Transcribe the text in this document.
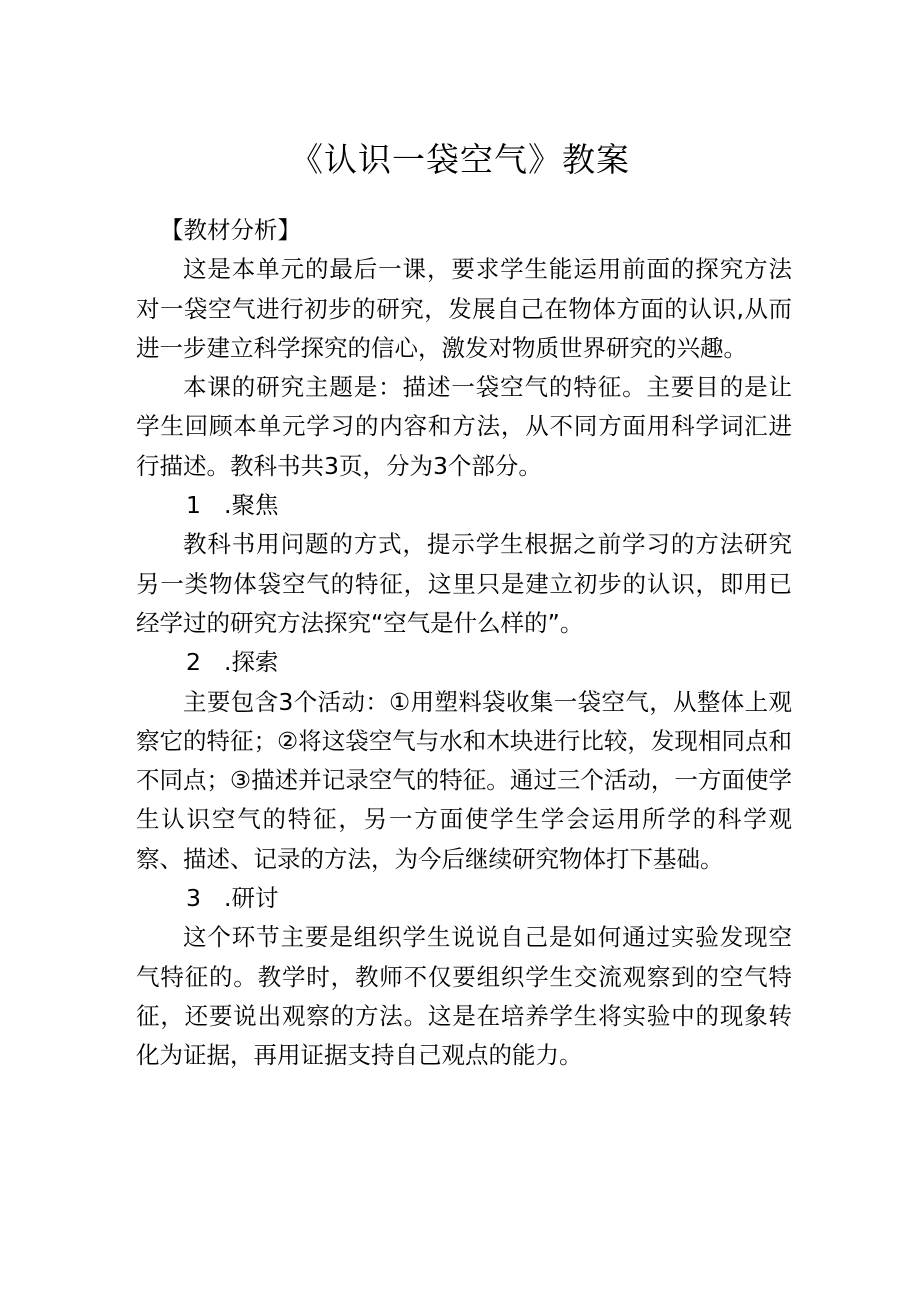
《认识一袋空气》教案

【教材分析】

这是本单元的最后一课，要求学生能运用前面的探究方法对一袋空气进行初步的研究，发展自己在物体方面的认识,从而进一步建立科学探究的信心，激发对物质世界研究的兴趣。

本课的研究主题是：描述一袋空气的特征。主要目的是让学生回顾本单元学习的内容和方法，从不同方面用科学词汇进行描述。教科书共3页，分为3个部分。

1 .聚焦

教科书用问题的方式，提示学生根据之前学习的方法研究另一类物体袋空气的特征，这里只是建立初步的认识，即用已经学过的研究方法探究“空气是什么样的”。

2 .探索

主要包含3个活动：①用塑料袋收集一袋空气，从整体上观察它的特征；②将这袋空气与水和木块进行比较，发现相同点和不同点；③描述并记录空气的特征。通过三个活动，一方面使学生认识空气的特征，另一方面使学生学会运用所学的科学观察、描述、记录的方法，为今后继续研究物体打下基础。

3 .研讨

这个环节主要是组织学生说说自己是如何通过实验发现空气特征的。教学时，教师不仅要组织学生交流观察到的空气特征，还要说出观察的方法。这是在培养学生将实验中的现象转化为证据，再用证据支持自己观点的能力。
